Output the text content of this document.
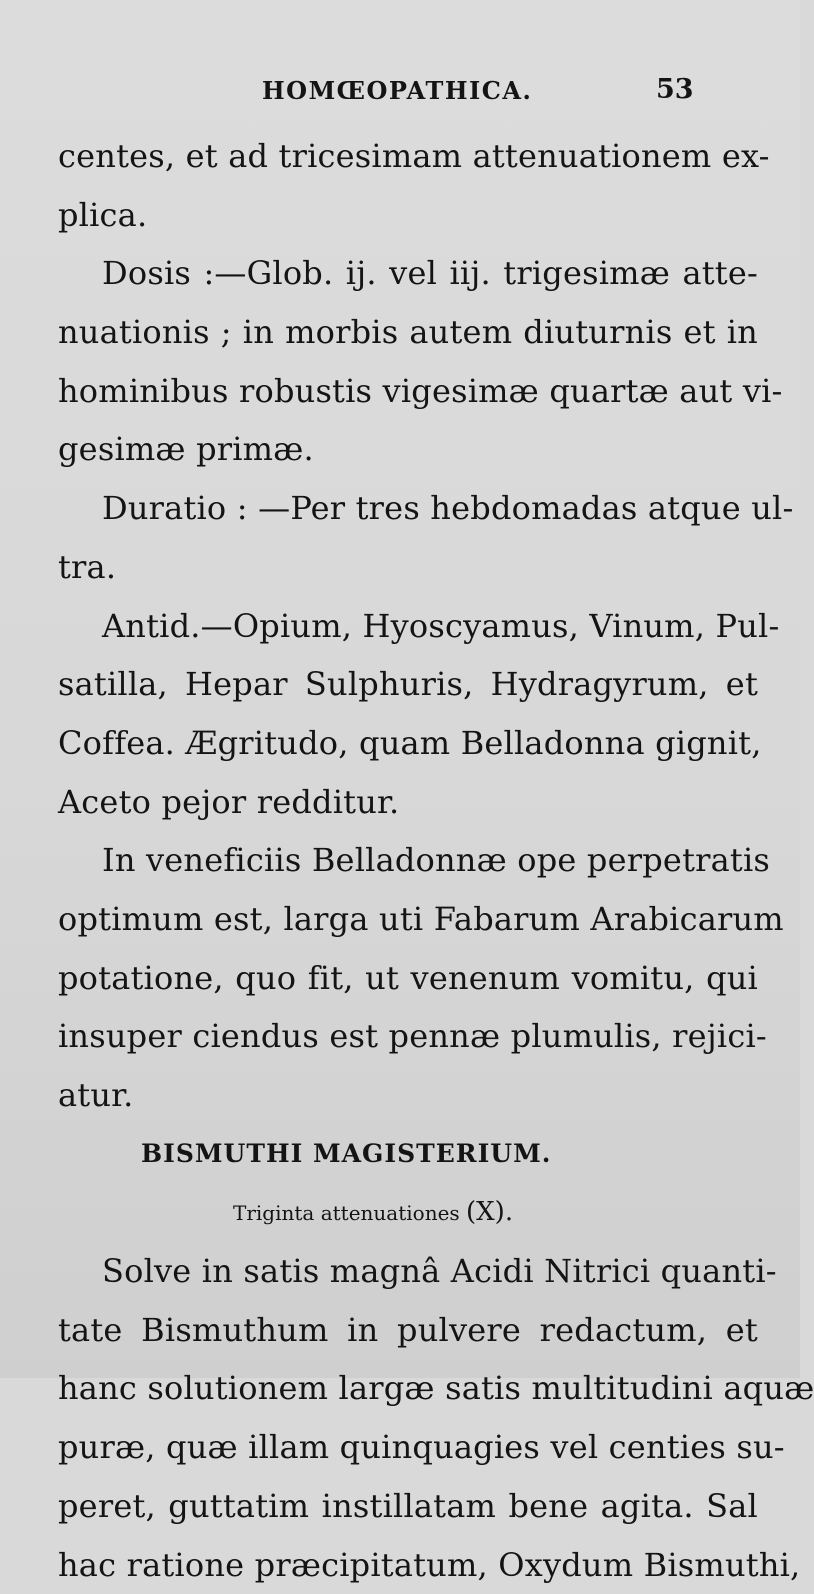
HOMŒOPATHICA.	53
centes, et ad tricesimam attenuationem ex-
plica.
Dosis :—Glob. ij. vel iij. trigesimæ atte-
nuationis ; in morbis autem diuturnis et in
hominibus robustis vigesimæ quartæ aut vi-
gesimæ primæ.
Duratio : —Per tres hebdomadas atque ul-
tra.
Antid.—Opium, Hyoscyamus, Vinum, Pul-
satilla, Hepar Sulphuris, Hydragyrum, et
Coffea. Ægritudo, quam Belladonna gignit,
Aceto pejor redditur.
In veneficiis Belladonnæ ope perpetratis
optimum est, larga uti Fabarum Arabicarum
potatione, quo fit, ut venenum vomitu, qui
insuper ciendus est pennæ plumulis, rejici-
atur.
BISMUTHI MAGISTERIUM.
Triginta attenuationes (X).
Solve in satis magnâ Acidi Nitrici quanti-
tate Bismuthum in pulvere redactum, et
hanc solutionem largæ satis multitudini aquæ
puræ, quæ illam quinquagies vel centies su-
peret, guttatim instillatam bene agita. Sal
hac ratione præcipitatum, Oxydum Bismuthi,
